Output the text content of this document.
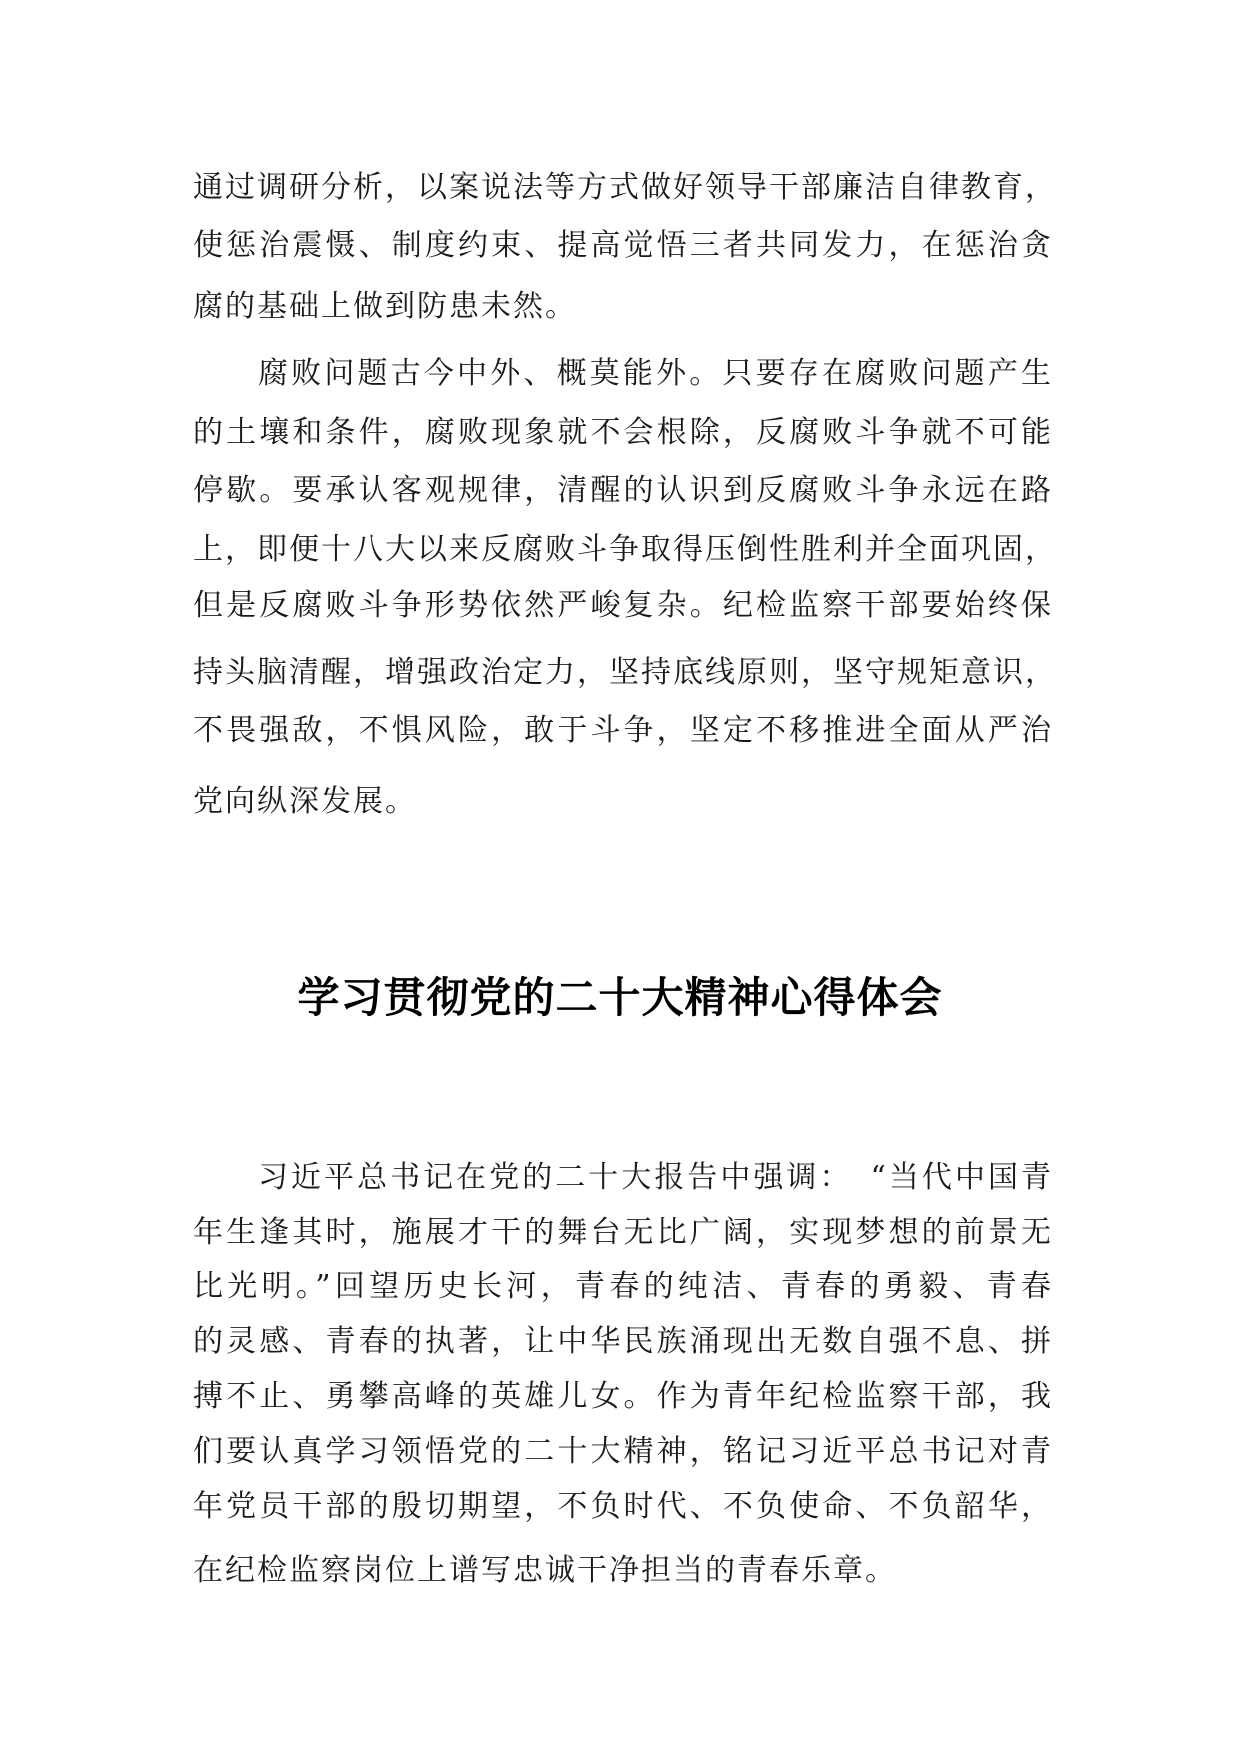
通过调研分析，以案说法等方式做好领导干部廉洁自律教育，
使惩治震慑、制度约束、提高觉悟三者共同发力，在惩治贪
腐的基础上做到防患未然。
腐败问题古今中外、概莫能外。只要存在腐败问题产生
的土壤和条件，腐败现象就不会根除，反腐败斗争就不可能
停歇。要承认客观规律，清醒的认识到反腐败斗争永远在路
上，即便十八大以来反腐败斗争取得压倒性胜利并全面巩固，
但是反腐败斗争形势依然严峻复杂。纪检监察干部要始终保
持头脑清醒，增强政治定力，坚持底线原则，坚守规矩意识，
不畏强敌，不惧风险，敢于斗争，坚定不移推进全面从严治
党向纵深发展。
学习贯彻党的二十大精神心得体会
习近平总书记在党的二十大报告中强调：　“当代中国青
年生逢其时，施展才干的舞台无比广阔，实现梦想的前景无
比光明。”回望历史长河，青春的纯洁、青春的勇毅、青春
的灵感、青春的执著，让中华民族涌现出无数自强不息、拼
搏不止、勇攀高峰的英雄儿女。作为青年纪检监察干部，我
们要认真学习领悟党的二十大精神，铭记习近平总书记对青
年党员干部的殷切期望，不负时代、不负使命、不负韶华，
在纪检监察岗位上谱写忠诚干净担当的青春乐章。
